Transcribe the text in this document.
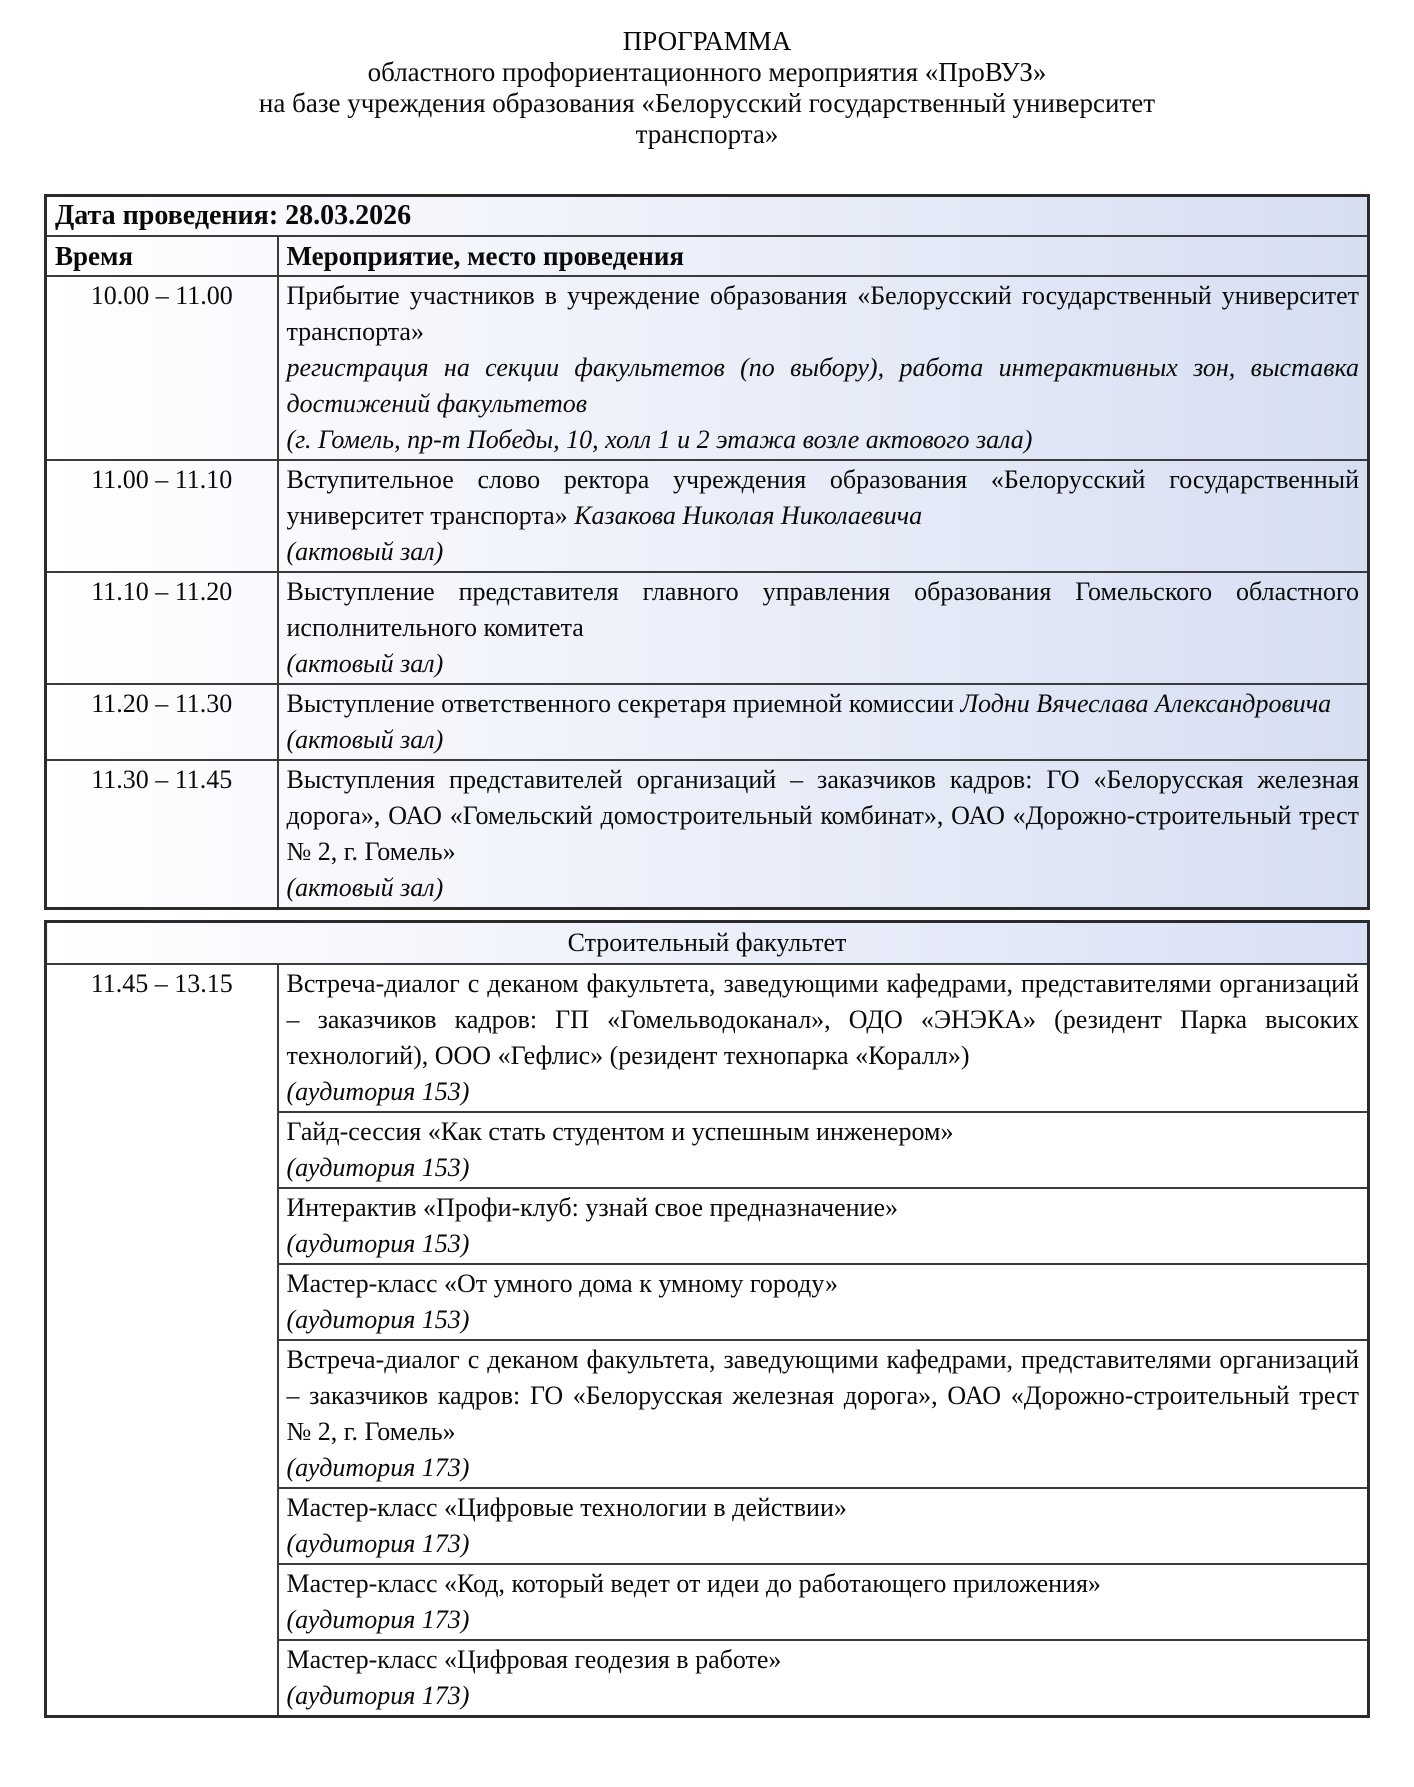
ПРОГРАММА
областного профориентационного мероприятия «ПроВУЗ»
на базе учреждения образования «Белорусский государственный университет
транспорта»
Дата проведения: 28.03.2026	
Время	Мероприятие, место проведения
10.00 – 11.00	Прибытие участников в учреждение образования «Белорусский государственный университет транспорта»

регистрация на секции факультетов (по выбору), работа интерактивных зон, выставка достижений факультетов

(г. Гомель, пр-т Победы, 10, холл 1 и 2 этажа возле актового зала)

11.00 – 11.10	Вступительное слово ректора учреждения образования «Белорусский государственный университет транспорта» Казакова Николая Николаевича

(актовый зал)

11.10 – 11.20	Выступление представителя главного управления образования Гомельского областного исполнительного комитета

(актовый зал)

11.20 – 11.30	Выступление ответственного секретаря приемной комиссии Лодни Вячеслава Александровича

(актовый зал)

11.30 – 11.45	Выступления представителей организаций – заказчиков кадров: ГО «Белорусская железная дорога», ОАО «Гомельский домостроительный комбинат», ОАО «Дорожно-строительный трест № 2, г. Гомель»

(актовый зал)

Строительный факультет
11.45 – 13.15	Встреча-диалог с деканом факультета, заведующими кафедрами, представителями организаций – заказчиков кадров: ГП «Гомельводоканал», ОДО «ЭНЭКА» (резидент Парка высоких технологий), ООО «Гефлис» (резидент технопарка «Коралл»)

(аудитория 153)

Гайд-сессия «Как стать студентом и успешным инженером»

(аудитория 153)

Интерактив «Профи-клуб: узнай свое предназначение»

(аудитория 153)

Мастер-класс «От умного дома к умному городу»

(аудитория 153)

Встреча-диалог с деканом факультета, заведующими кафедрами, представителями организаций – заказчиков кадров: ГО «Белорусская железная дорога», ОАО «Дорожно-строительный трест № 2, г. Гомель»

(аудитория 173)

Мастер-класс «Цифровые технологии в действии»

(аудитория 173)

Мастер-класс «Код, который ведет от идеи до работающего приложения»

(аудитория 173)

Мастер-класс «Цифровая геодезия в работе»

(аудитория 173)
